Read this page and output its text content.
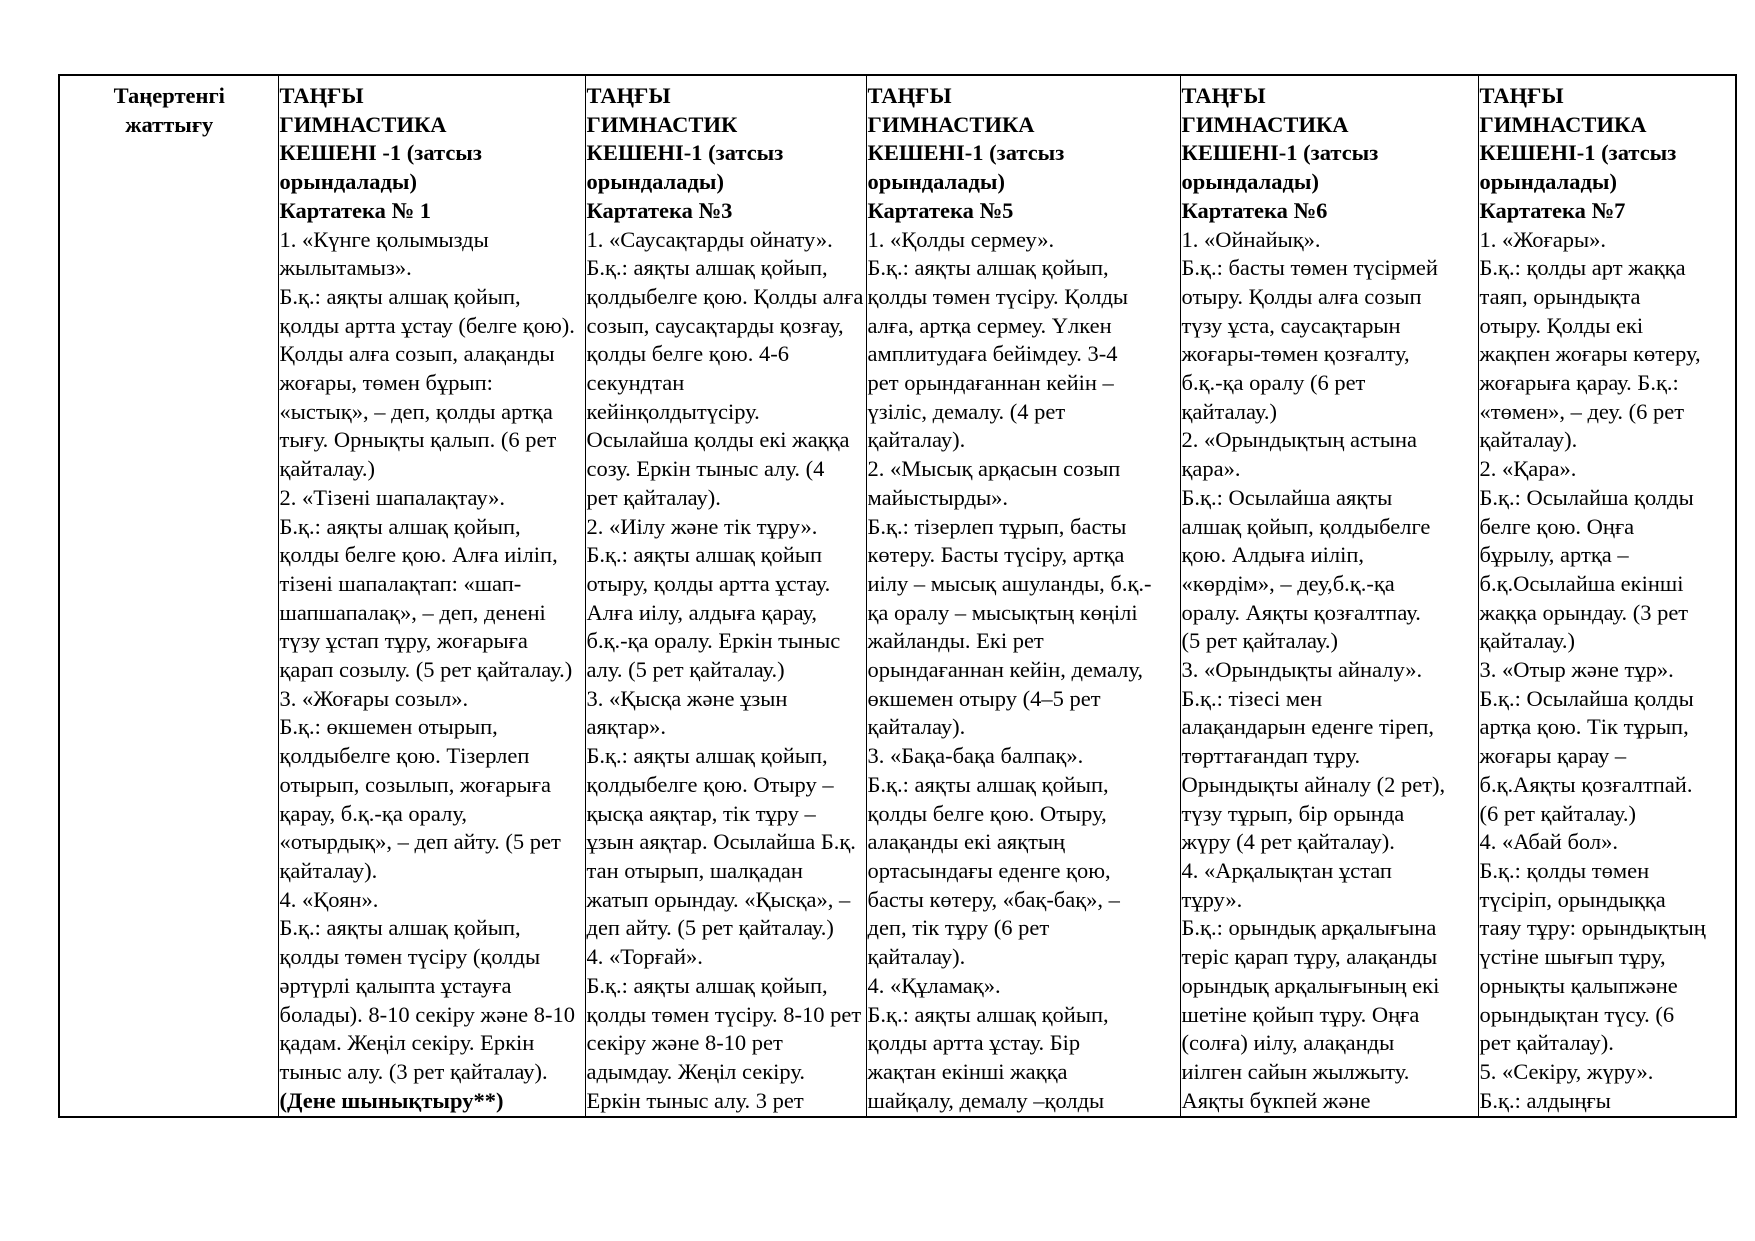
Таңертенгі
жаттығу

ТАҢҒЫ
ГИМНАСТИКА
КЕШЕНІ -1 (затсыз
орындалады)
Картатека № 1
1. «Күнге қолымызды
жылытамыз».
Б.қ.: аяқты алшақ қойып,
қолды артта ұстау (белге қою).
Қолды алға созып, алақанды
жоғары, төмен бұрып:
«ыстық», – деп, қолды артқа
тығу. Орнықты қалып. (6 рет
қайталау.)
2. «Тізені шапалақтау».
Б.қ.: аяқты алшақ қойып,
қолды белге қою. Алға иіліп,
тізені шапалақтап: «шап-
шапшапалақ», – деп, денені
түзу ұстап тұру, жоғарыға
қарап созылу. (5 рет қайталау.)
3. «Жоғары созыл».
Б.қ.: өкшемен отырып,
қолдыбелге қою. Тізерлеп
отырып, созылып, жоғарыға
қарау, б.қ.-қа оралу,
«отырдық», – деп айту. (5 рет
қайталау).
4. «Қоян».
Б.қ.: аяқты алшақ қойып,
қолды төмен түсіру (қолды
әртүрлі қалыпта ұстауға
болады). 8-10 секіру және 8-10
қадам. Жеңіл секіру. Еркін
тыныс алу. (3 рет қайталау).
(Дене шынықтыру**)

ТАҢҒЫ
ГИМНАСТИК
КЕШЕНІ-1 (затсыз
орындалады)
Картатека №3
1. «Саусақтарды ойнату».
Б.қ.: аяқты алшақ қойып,
қолдыбелге қою. Қолды алға
созып, саусақтарды қозғау,
қолды белге қою. 4-6
секундтан
кейінқолдытүсіру.
Осылайша қолды екі жаққа
созу. Еркін тыныс алу. (4
рет қайталау).
2. «Иілу және тік тұру».
Б.қ.: аяқты алшақ қойып
отыру, қолды артта ұстау.
Алға иілу, алдыға қарау,
б.қ.-қа оралу. Еркін тыныс
алу. (5 рет қайталау.)
3. «Қысқа және ұзын
аяқтар».
Б.қ.: аяқты алшақ қойып,
қолдыбелге қою. Отыру –
қысқа аяқтар, тік тұру –
ұзын аяқтар. Осылайша Б.қ.
тан отырып, шалқадан
жатып орындау. «Қысқа», –
деп айту. (5 рет қайталау.)
4. «Торғай».
Б.қ.: аяқты алшақ қойып,
қолды төмен түсіру. 8-10 рет
секіру және 8-10 рет
адымдау. Жеңіл секіру.
Еркін тыныс алу. 3 рет

ТАҢҒЫ
ГИМНАСТИКА
КЕШЕНІ-1 (затсыз
орындалады)
Картатека №5
1. «Қолды сермеу».
Б.қ.: аяқты алшақ қойып,
қолды төмен түсіру. Қолды
алға, артқа сермеу. Үлкен
амплитудаға бейімдеу. 3-4
рет орындағаннан кейін –
үзіліс, демалу. (4 рет
қайталау).
2. «Мысық арқасын созып
майыстырды».
Б.қ.: тізерлеп тұрып, басты
көтеру. Басты түсіру, артқа
иілу – мысық ашуланды, б.қ.-
қа оралу – мысықтың көңілі
жайланды. Екі рет
орындағаннан кейін, демалу,
өкшемен отыру (4–5 рет
қайталау).
3. «Бақа-бақа балпақ».
Б.қ.: аяқты алшақ қойып,
қолды белге қою. Отыру,
алақанды екі аяқтың
ортасындағы еденге қою,
басты көтеру, «бақ-бақ», –
деп, тік тұру (6 рет
қайталау).
4. «Құламақ».
Б.қ.: аяқты алшақ қойып,
қолды артта ұстау. Бір
жақтан екінші жаққа
шайқалу, демалу –қолды

ТАҢҒЫ
ГИМНАСТИКА
КЕШЕНІ-1 (затсыз
орындалады)
Картатека №6
1. «Ойнайық».
Б.қ.: басты төмен түсірмей
отыру. Қолды алға созып
түзу ұста, саусақтарын
жоғары-төмен қозғалту,
б.қ.-қа оралу (6 рет
қайталау.)
2. «Орындықтың астына
қара».
Б.қ.: Осылайша аяқты
алшақ қойып, қолдыбелге
қою. Алдыға иіліп,
«көрдім», – деу,б.қ.-қа
оралу. Аяқты қозғалтпау.
(5 рет қайталау.)
3. «Орындықты айналу».
Б.қ.: тізесі мен
алақандарын еденге тіреп,
төрттағандап тұру.
Орындықты айналу (2 рет),
түзу тұрып, бір орында
жүру (4 рет қайталау).
4. «Арқалықтан ұстап
тұру».
Б.қ.: орындық арқалығына
теріс қарап тұру, алақанды
орындық арқалығының екі
шетіне қойып тұру. Оңға
(солға) иілу, алақанды
иілген сайын жылжыту.
Аяқты бүкпей және

ТАҢҒЫ
ГИМНАСТИКА
КЕШЕНІ-1 (затсыз
орындалады)
Картатека №7
1. «Жоғары».
Б.қ.: қолды арт жаққа
таяп, орындықта
отыру. Қолды екі
жақпен жоғары көтеру,
жоғарыға қарау. Б.қ.:
«төмен», – деу. (6 рет
қайталау).
2. «Қара».
Б.қ.: Осылайша қолды
белге қою. Оңға
бұрылу, артқа –
б.қ.Осылайша екінші
жаққа орындау. (3 рет
қайталау.)
3. «Отыр және тұр».
Б.қ.: Осылайша қолды
артқа қою. Тік тұрып,
жоғары қарау –
б.қ.Аяқты қозғалтпай.
(6 рет қайталау.)
4. «Абай бол».
Б.қ.: қолды төмен
түсіріп, орындыққа
таяу тұру: орындықтың
үстіне шығып тұру,
орнықты қалыпжәне
орындықтан түсу. (6
рет қайталау).
5. «Секіру, жүру».
Б.қ.: алдыңғы
